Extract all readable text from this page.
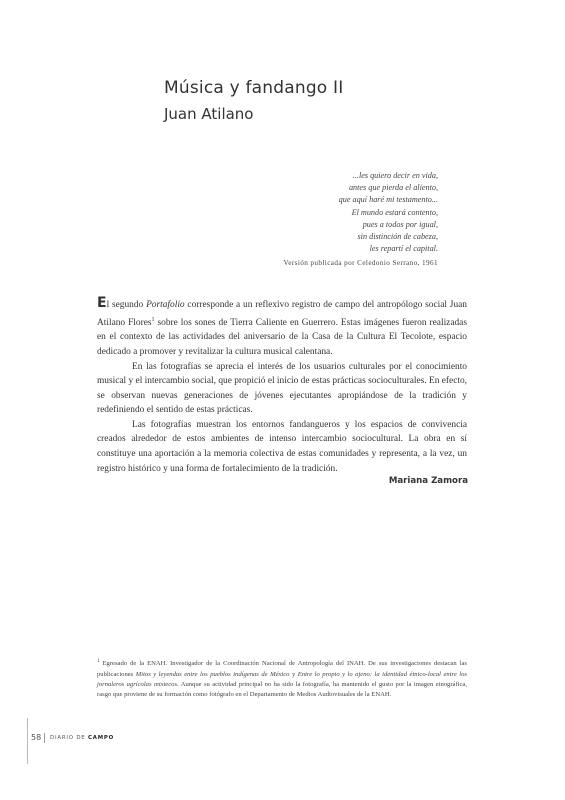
Música y fandango II
Juan Atilano
...les quiero decir en vida,
antes que pierda el aliento,
que aquí haré mi testamento...
El mundo estará contento,
pues a todos por igual,
sin distinción de cabeza,
les repartí el capital.
Versión publicada por Celedonio Serrano, 1961

El segundo Portafolio corresponde a un reflexivo registro de campo del antropólogo social Juan Atilano Flores$^1$ sobre los sones de Tierra Caliente en Guerrero. Estas imágenes fueron realizadas en el contexto de las actividades del aniversario de la Casa de la Cultura El Tecolote, espacio dedicado a promover y revitalizar la cultura musical calentana.

En las fotografías se aprecia el interés de los usuarios culturales por el conocimiento musical y el intercambio social, que propició el inicio de estas prácticas socioculturales. En efecto, se observan nuevas generaciones de jóvenes ejecutantes apropiándose de la tradición y redefiniendo el sentido de estas prácticas.

Las fotografías muestran los entornos fandangueros y los espacios de convivencia creados alrededor de estos ambientes de intenso intercambio sociocultural. La obra en sí constituye una aportación a la memoria colectiva de estas comunidades y representa, a la vez, un registro histórico y una forma de fortalecimiento de la tradición.

Mariana Zamora
$^1$ Egresado de la ENAH. Investigador de la Coordinación Nacional de Antropología del INAH. De sus investigaciones destacan las publicaciones Mitos y leyendas entre los pueblos indígenas de México y Entre lo propio y lo ajeno: la identidad étnico-local entre los jornaleros agrícolas mixtecos. Aunque su actividad principal no ha sido la fotografía, ha mantenido el gusto por la imagen etnográfica, rasgo que proviene de su formación como fotógrafo en el Departamento de Medios Audiovisuales de la ENAH.
58 DIARIO DE CAMPO
